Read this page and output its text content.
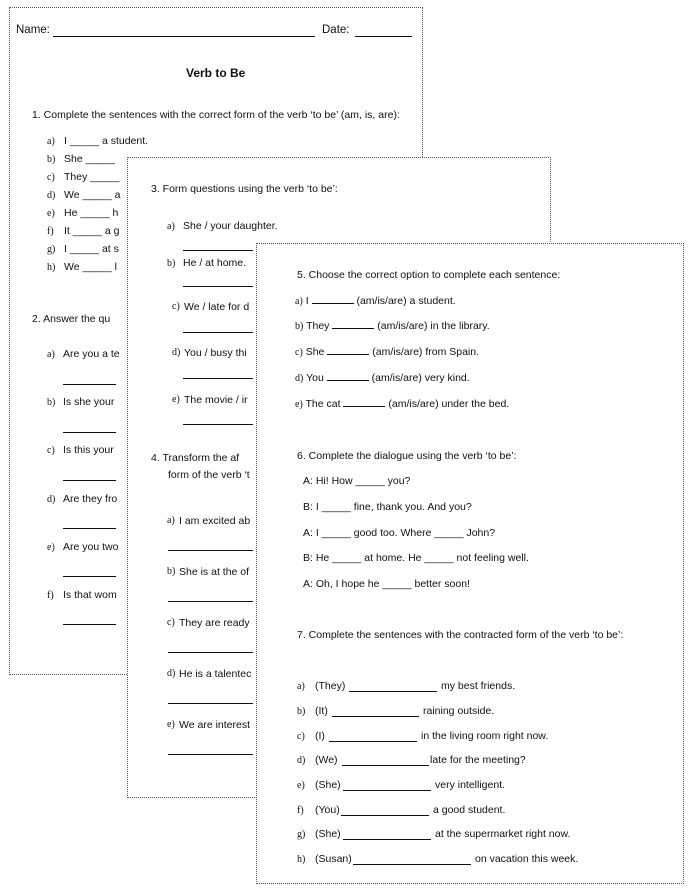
Name:	Date:
Verb to Be
1. Complete the sentences with the correct form of the verb ‘to be’ (am, is, are):
a) I _____ a student.
b) She _____
c) They _____
d) We _____ a
e) He _____ h
f) It _____ a g
g) I _____ at s
h) We _____ l
2. Answer the qu
a) Are you a te
b) Is she your
c) Is this your
d) Are they fro
e) Are you two
f) Is that wom
3. Form questions using the verb ‘to be’:
a) She / your daughter.
b) He / at home.
c) We / late for d
d) You / busy thi
e) The movie / ir
4. Transform the af
form of the verb ‘t
a) I am excited ab
b) She is at the of
c) They are ready
d) He is a talentec
e) We are interest
5. Choose the correct option to complete each sentence:
a) I	(am/is/are) a student.
b) They	(am/is/are) in the library.
c) She	(am/is/are) from Spain.
d) You	(am/is/are) very kind.
e) The cat	(am/is/are) under the bed.
6. Complete the dialogue using the verb ‘to be’:
A: Hi! How _____ you?
B: I _____ fine, thank you. And you?
A: I _____ good too. Where _____ John?
B: He _____ at home. He _____ not feeling well.
A: Oh, I hope he _____ better soon!
7. Complete the sentences with the contracted form of the verb ‘to be’:
a) (They)	my best friends.
b) (It)	raining outside.
c) (I)	in the living room right now.
d) (We)	late for the meeting?
e) (She)	very intelligent.
f) (You)	a good student.
g) (She)	at the supermarket right now.
h) (Susan)	on vacation this week.
